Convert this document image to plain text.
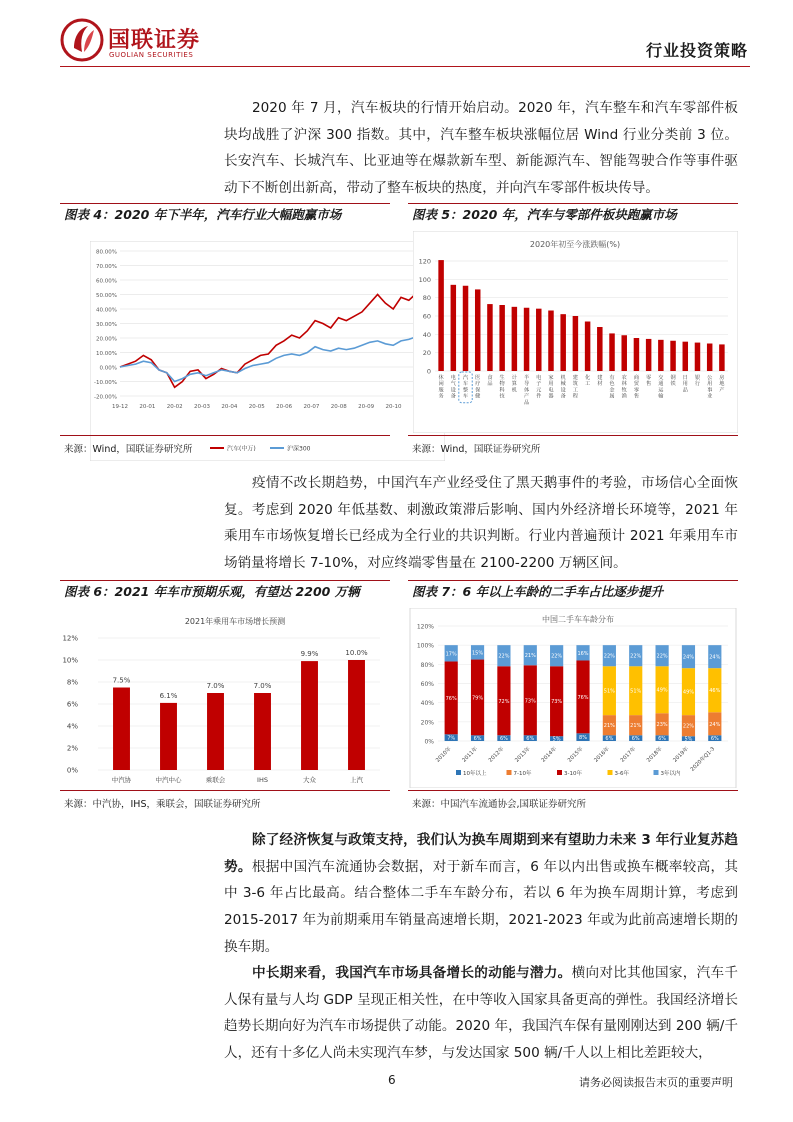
国联证券
GUOLIAN SECURITIES	行业投资策略

2020 年 7 月，汽车板块的行情开始启动。2020 年，汽车整车和汽车零部件板块均战胜了沪深 300 指数。其中，汽车整车板块涨幅位居 Wind 行业分类前 3 位。长安汽车、长城汽车、比亚迪等在爆款新车型、新能源汽车、智能驾驶合作等事件驱动下不断创出新高，带动了整车板块的热度，并向汽车零部件板块传导。

图表 4：2020 年下半年，汽车行业大幅跑赢市场
80.00%
70.00%
60.00%
50.00%
40.00%
30.00%
20.00%
10.00%
0.00%
-10.00%
-20.00%
19-12 20-01 20-02 20-03 20-04 20-05 20-06 20-07 20-08 20-09 20-10
汽车(中万)	沪深300
来源：Wind，国联证券研究所
图表 5：2020 年，汽车与零部件板块跑赢市场
2020年初至今涨跌幅(%)
0
20
40
60
80
100
120
休闲服务
电气设备
汽车整车
医疗保健
食品
生物科技
计算机
半导体产品
电子元件
家用电器
机械设备
建筑工程
化工
建材
有色金属
农林牧渔
商贸零售
零售
交通运输
钢铁
日用品
银行
公用事业
房地产
来源：Wind，国联证券研究所

疫情不改长期趋势，中国汽车产业经受住了黑天鹅事件的考验，市场信心全面恢复。考虑到 2020 年低基数、刺激政策滞后影响、国内外经济增长环境等，2021 年乘用车市场恢复增长已经成为全行业的共识判断。行业内普遍预计 2021 年乘用车市场销量将增长 7-10%，对应终端零售量在 2100-2200 万辆区间。

图表 6：2021 年车市预期乐观，有望达 2200 万辆
2021年乘用车市场增长预测
0%
2%
4%
6%
8%
10%
12%
7.5%
6.1%
7.0%	7.0%
9.9%	10.0%
中汽协	中汽中心	乘联会	IHS	大众	上汽
来源：中汽协，IHS，乘联会，国联证券研究所
图表 7：6 年以上车龄的二手车占比逐步提升
中国二手车车龄分布
0%
20%
40%
60%
80%
100%
120%
7%
76%
17%
6%
79%
15%
6%
72%
22%
6%
73%
21%
5%
73%
22%
8%
76%
16%
6%
21%
51%
22%
6%
21%
51%
22%
6%
23%
49%
22%
5%
22%
49%
24%
6%
24%
46%
24%
2010年 2011年 2012年 2013年 2014年 2015年 2016年 2017年 2018年 2019年 2020年Q1-3
10年以上	7-10年	3-10年	3-6年	3年以内
来源：中国汽车流通协会,国联证券研究所

除了经济恢复与政策支持，我们认为换车周期到来有望助力未来 3 年行业复苏趋势。根据中国汽车流通协会数据，对于新车而言，6 年以内出售或换车概率较高，其中 3-6 年占比最高。结合整体二手车车龄分布，若以 6 年为换车周期计算，考虑到 2015-2017 年为前期乘用车销量高速增长期，2021-2023 年或为此前高速增长期的换车期。

中长期来看，我国汽车市场具备增长的动能与潜力。横向对比其他国家，汽车千人保有量与人均 GDP 呈现正相关性，在中等收入国家具备更高的弹性。我国经济增长趋势长期向好为汽车市场提供了动能。2020 年，我国汽车保有量刚刚达到 200 辆/千人，还有十多亿人尚未实现汽车梦，与发达国家 500 辆/千人以上相比差距较大，

6	请务必阅读报告末页的重要声明
